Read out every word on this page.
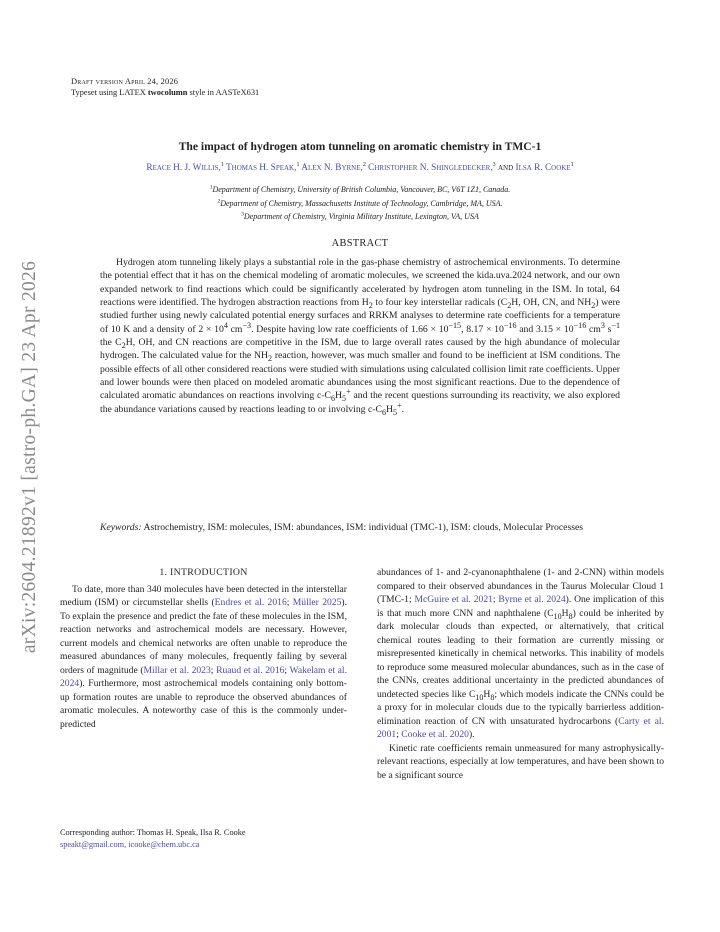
arXiv:2604.21892v1 [astro-ph.GA] 23 Apr 2026
Draft version April 24, 2026
Typeset using LATEX twocolumn style in AASTeX631
The impact of hydrogen atom tunneling on aromatic chemistry in TMC-1
Reace H. J. Willis,$^1$ Thomas H. Speak,$^1$ Alex N. Byrne,$^2$ Christopher N. Shingledecker,$^3$ and Ilsa R. Cooke$^1$
$^1$Department of Chemistry, University of British Columbia, Vancouver, BC, V6T 1Z1, Canada.
$^2$Department of Chemistry, Massachusetts Institute of Technology, Cambridge, MA, USA.
$^3$Department of Chemistry, Virginia Military Institute, Lexington, VA, USA
ABSTRACT
Hydrogen atom tunneling likely plays a substantial role in the gas-phase chemistry of astrochemical environments. To determine the potential effect that it has on the chemical modeling of aromatic molecules, we screened the kida.uva.2024 network, and our own expanded network to find reactions which could be significantly accelerated by hydrogen atom tunneling in the ISM. In total, 64 reactions were identified. The hydrogen abstraction reactions from $H_2$ to four key interstellar radicals ($C_2H$, OH, CN, and $NH_2$) were studied further using newly calculated potential energy surfaces and RRKM analyses to determine rate coefficients for a temperature of 10 K and a density of $2 \times 10^4$ $cm^{-3}$. Despite having low rate coefficients of $1.66 \times 10^{-15}$, $8.17 \times 10^{-16}$ and $3.15 \times 10^{-16}$ $cm^3$ $s^{-1}$ the $C_2H$, OH, and CN reactions are competitive in the ISM, due to large overall rates caused by the high abundance of molecular hydrogen. The calculated value for the $NH_2$ reaction, however, was much smaller and found to be inefficient at ISM conditions. The possible effects of all other considered reactions were studied with simulations using calculated collision limit rate coefficients. Upper and lower bounds were then placed on modeled aromatic abundances using the most significant reactions. Due to the dependence of calculated aromatic abundances on reactions involving $c-C_6H_5^+$ and the recent questions surrounding its reactivity, we also explored the abundance variations caused by reactions leading to or involving $c-C_6H_5^+$.
Keywords: Astrochemistry, ISM: molecules, ISM: abundances, ISM: individual (TMC-1), ISM: clouds, Molecular Processes
1. INTRODUCTION

To date, more than 340 molecules have been detected in the interstellar medium (ISM) or circumstellar shells (Endres et al. 2016; Müller 2025). To explain the presence and predict the fate of these molecules in the ISM, reaction networks and astrochemical models are necessary. However, current models and chemical networks are often unable to reproduce the measured abundances of many molecules, frequently failing by several orders of magnitude (Millar et al. 2023; Ruaud et al. 2016; Wakelam et al. 2024). Furthermore, most astrochemical models containing only bottom-up formation routes are unable to reproduce the observed abundances of aromatic molecules. A noteworthy case of this is the commonly under-predicted

abundances of 1- and 2-cyanonaphthalene (1- and 2-CNN) within models compared to their observed abundances in the Taurus Molecular Cloud 1 (TMC-1; McGuire et al. 2021; Byrne et al. 2024). One implication of this is that much more CNN and naphthalene $(C_{10}H_8)$ could be inherited by dark molecular clouds than expected, or alternatively, that critical chemical routes leading to their formation are currently missing or misrepresented kinetically in chemical networks. This inability of models to reproduce some measured molecular abundances, such as in the case of the CNNs, creates additional uncertainty in the predicted abundances of undetected species like $C_{10}H_8$; which models indicate the CNNs could be a proxy for in molecular clouds due to the typically barrierless addition-elimination reaction of CN with unsaturated hydrocarbons (Carty et al. 2001; Cooke et al. 2020).

Kinetic rate coefficients remain unmeasured for many astrophysically-relevant reactions, especially at low temperatures, and have been shown to be a significant source

Corresponding author: Thomas H. Speak, Ilsa R. Cooke
speakt@gmail.com, icooke@chem.ubc.ca
